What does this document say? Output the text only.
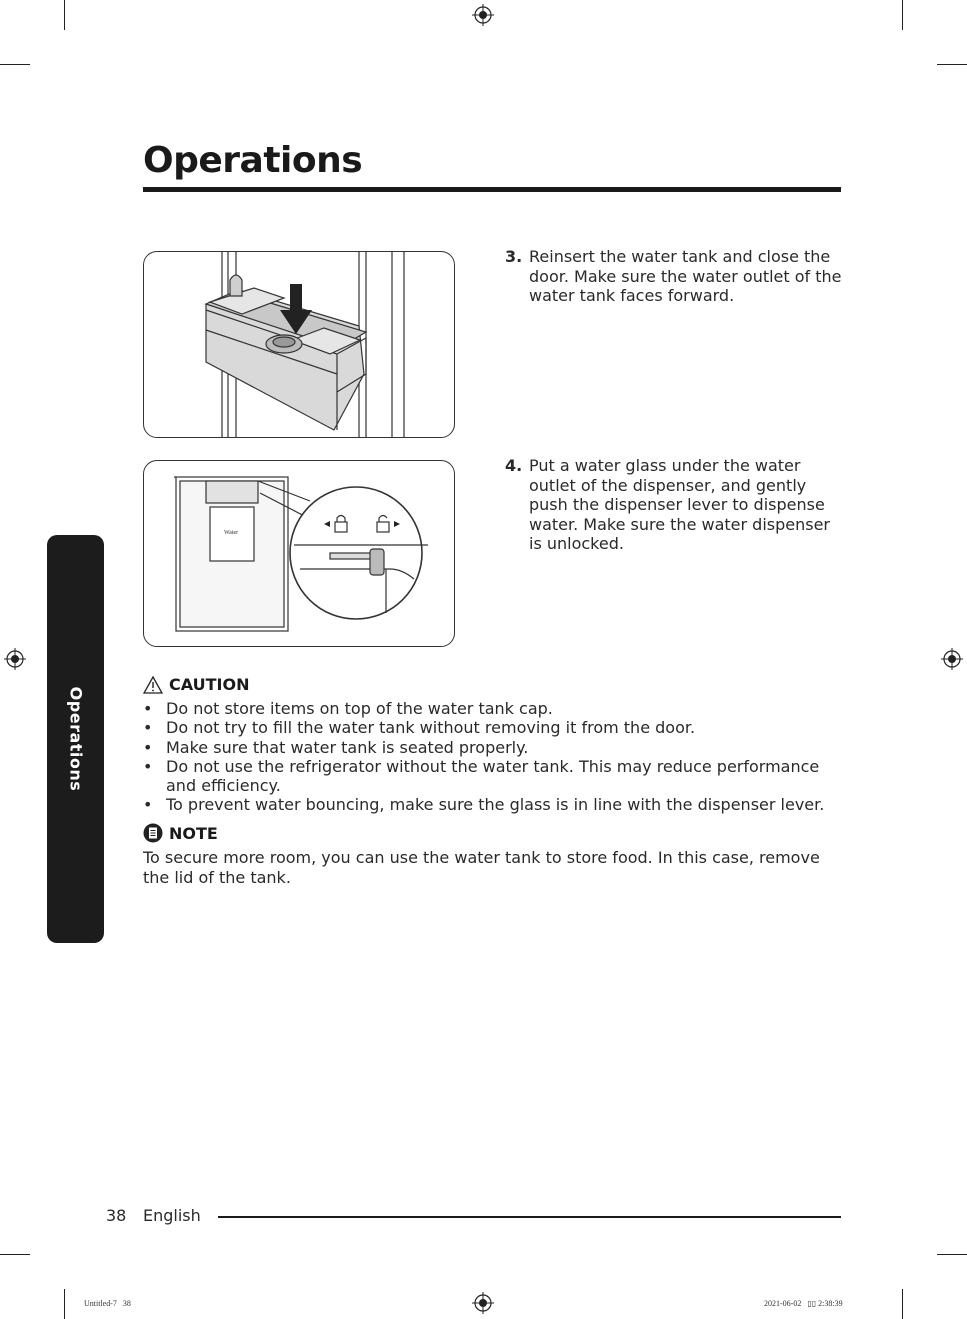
Operations
Operations
Water
3. Reinsert the water tank and close the door. Make sure the water outlet of the water tank faces forward.
4. Put a water glass under the water outlet of the dispenser, and gently push the dispenser lever to dispense water. Make sure the water dispenser is unlocked.
CAUTION
• Do not store items on top of the water tank cap.
• Do not try to fill the water tank without removing it from the door.
• Make sure that water tank is seated properly.
• Do not use the refrigerator without the water tank. This may reduce performance and efficiency.
• To prevent water bouncing, make sure the glass is in line with the dispenser lever.
NOTE

To secure more room, you can use the water tank to store food. In this case, remove the lid of the tank.

38 English
Untitled-7   38	2021-06-02   ▯▯ 2:38:39
